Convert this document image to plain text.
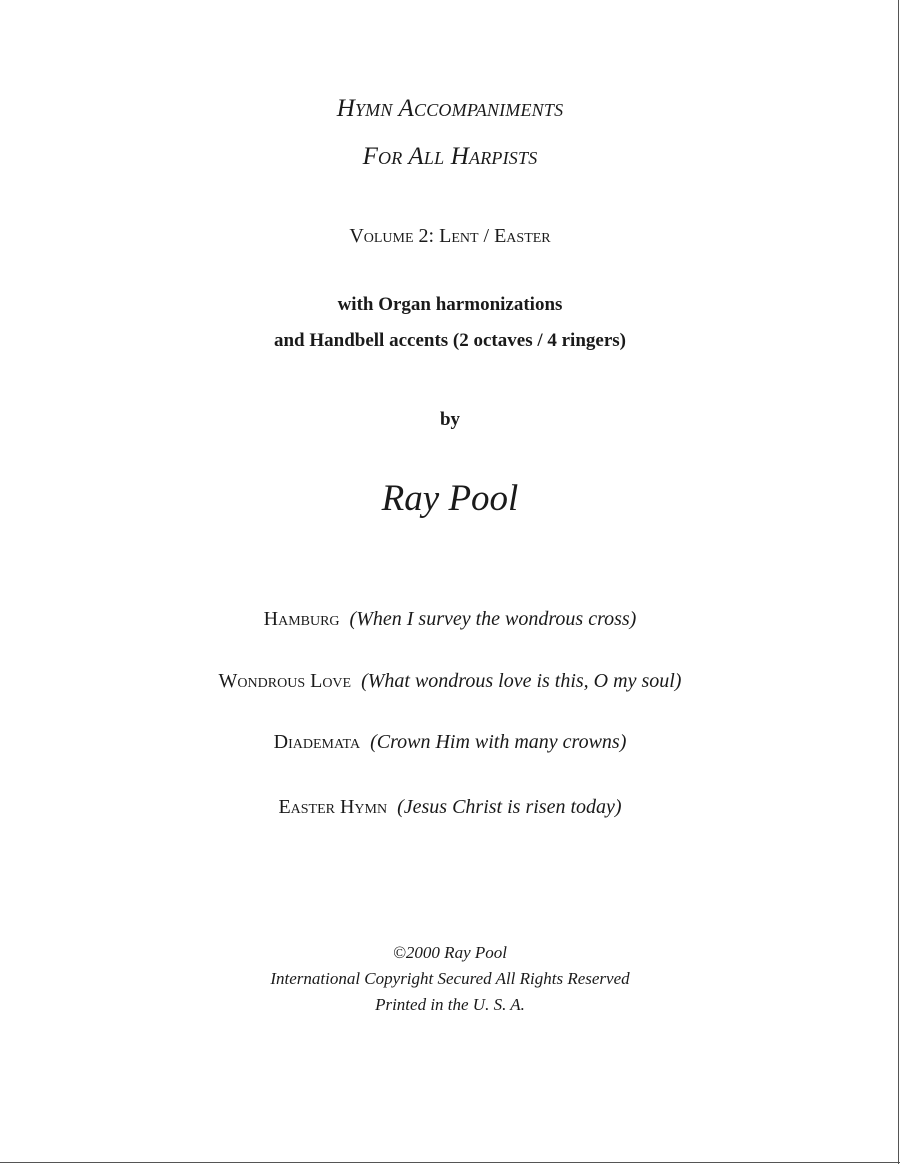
Hymn Accompaniments
For All Harpists
Volume 2: Lent / Easter
with Organ harmonizations
and Handbell accents (2 octaves / 4 ringers)
by
Ray Pool
Hamburg (When I survey the wondrous cross)
Wondrous Love (What wondrous love is this, O my soul)
Diademata (Crown Him with many crowns)
Easter Hymn (Jesus Christ is risen today)
©2000 Ray Pool
International Copyright Secured All Rights Reserved
Printed in the U. S. A.
